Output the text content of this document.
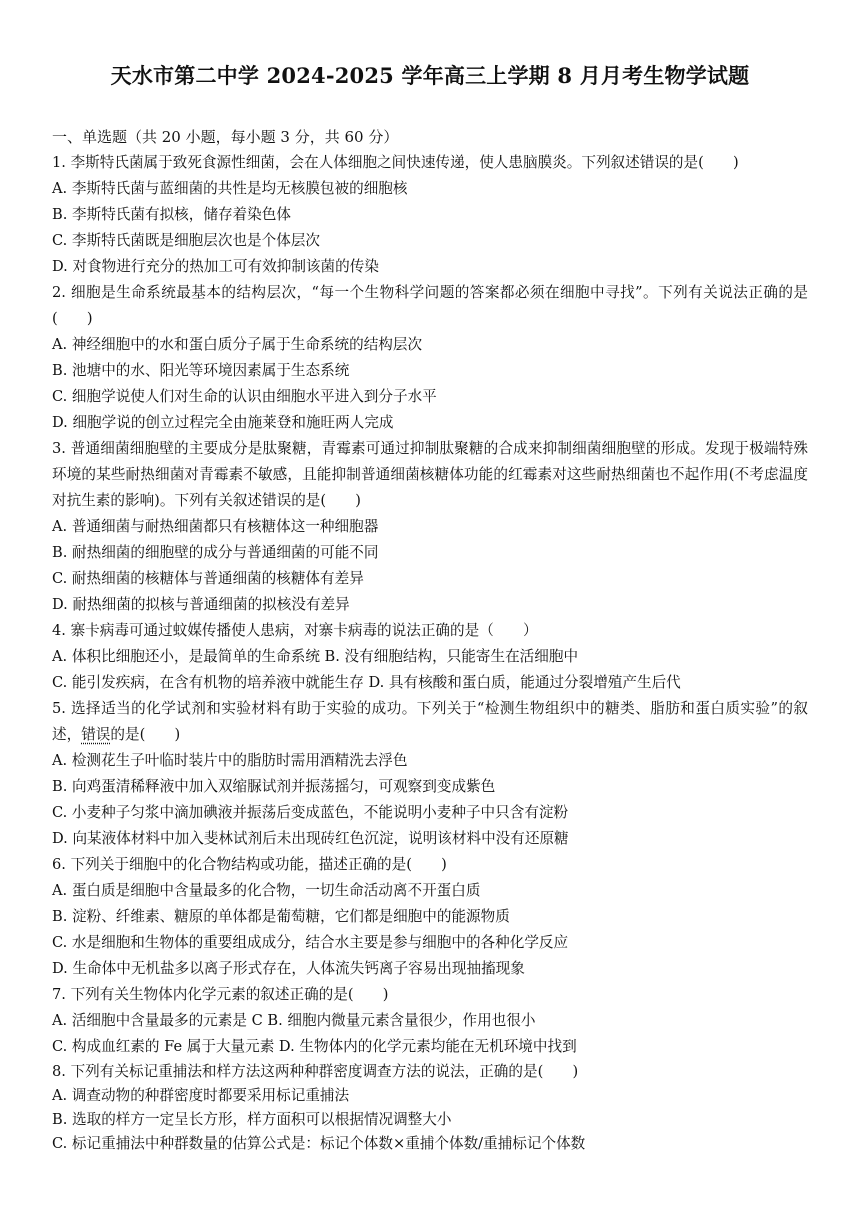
天水市第二中学 2024-2025 学年高三上学期 8 月月考生物学试题

一、单选题（共 20 小题，每小题 3 分，共 60 分）

1. 李斯特氏菌属于致死食源性细菌，会在人体细胞之间快速传递，使人患脑膜炎。下列叙述错误的是(　　)

A. 李斯特氏菌与蓝细菌的共性是均无核膜包被的细胞核

B. 李斯特氏菌有拟核，储存着染色体

C. 李斯特氏菌既是细胞层次也是个体层次

D. 对食物进行充分的热加工可有效抑制该菌的传染

2. 细胞是生命系统最基本的结构层次，“每一个生物科学问题的答案都必须在细胞中寻找”。下列有关说法正确的是(　　)

A. 神经细胞中的水和蛋白质分子属于生命系统的结构层次

B. 池塘中的水、阳光等环境因素属于生态系统

C. 细胞学说使人们对生命的认识由细胞水平进入到分子水平

D. 细胞学说的创立过程完全由施莱登和施旺两人完成

3. 普通细菌细胞壁的主要成分是肽聚糖，青霉素可通过抑制肽聚糖的合成来抑制细菌细胞壁的形成。发现于极端特殊环境的某些耐热细菌对青霉素不敏感，且能抑制普通细菌核糖体功能的红霉素对这些耐热细菌也不起作用(不考虑温度对抗生素的影响)。下列有关叙述错误的是(　　)

A. 普通细菌与耐热细菌都只有核糖体这一种细胞器

B. 耐热细菌的细胞壁的成分与普通细菌的可能不同

C. 耐热细菌的核糖体与普通细菌的核糖体有差异

D. 耐热细菌的拟核与普通细菌的拟核没有差异

4. 寨卡病毒可通过蚊媒传播使人患病，对寨卡病毒的说法正确的是（　　）

A. 体积比细胞还小，是最简单的生命系统 B. 没有细胞结构，只能寄生在活细胞中

C. 能引发疾病，在含有机物的培养液中就能生存 D. 具有核酸和蛋白质，能通过分裂增殖产生后代

5. 选择适当的化学试剂和实验材料有助于实验的成功。下列关于“检测生物组织中的糖类、脂肪和蛋白质实验”的叙述，错误的是(　　)

A. 检测花生子叶临时装片中的脂肪时需用酒精洗去浮色

B. 向鸡蛋清稀释液中加入双缩脲试剂并振荡摇匀，可观察到变成紫色

C. 小麦种子匀浆中滴加碘液并振荡后变成蓝色，不能说明小麦种子中只含有淀粉

D. 向某液体材料中加入斐林试剂后未出现砖红色沉淀，说明该材料中没有还原糖

6. 下列关于细胞中的化合物结构或功能，描述正确的是(　　)

A. 蛋白质是细胞中含量最多的化合物，一切生命活动离不开蛋白质

B. 淀粉、纤维素、糖原的单体都是葡萄糖，它们都是细胞中的能源物质

C. 水是细胞和生物体的重要组成成分，结合水主要是参与细胞中的各种化学反应

D. 生命体中无机盐多以离子形式存在，人体流失钙离子容易出现抽搐现象

7. 下列有关生物体内化学元素的叙述正确的是(　　)

A. 活细胞中含量最多的元素是 C B. 细胞内微量元素含量很少，作用也很小

C. 构成血红素的 Fe 属于大量元素 D. 生物体内的化学元素均能在无机环境中找到

8. 下列有关标记重捕法和样方法这两种种群密度调查方法的说法，正确的是(　　)

A. 调查动物的种群密度时都要采用标记重捕法

B. 选取的样方一定呈长方形，样方面积可以根据情况调整大小

C. 标记重捕法中种群数量的估算公式是：标记个体数×重捕个体数/重捕标记个体数
